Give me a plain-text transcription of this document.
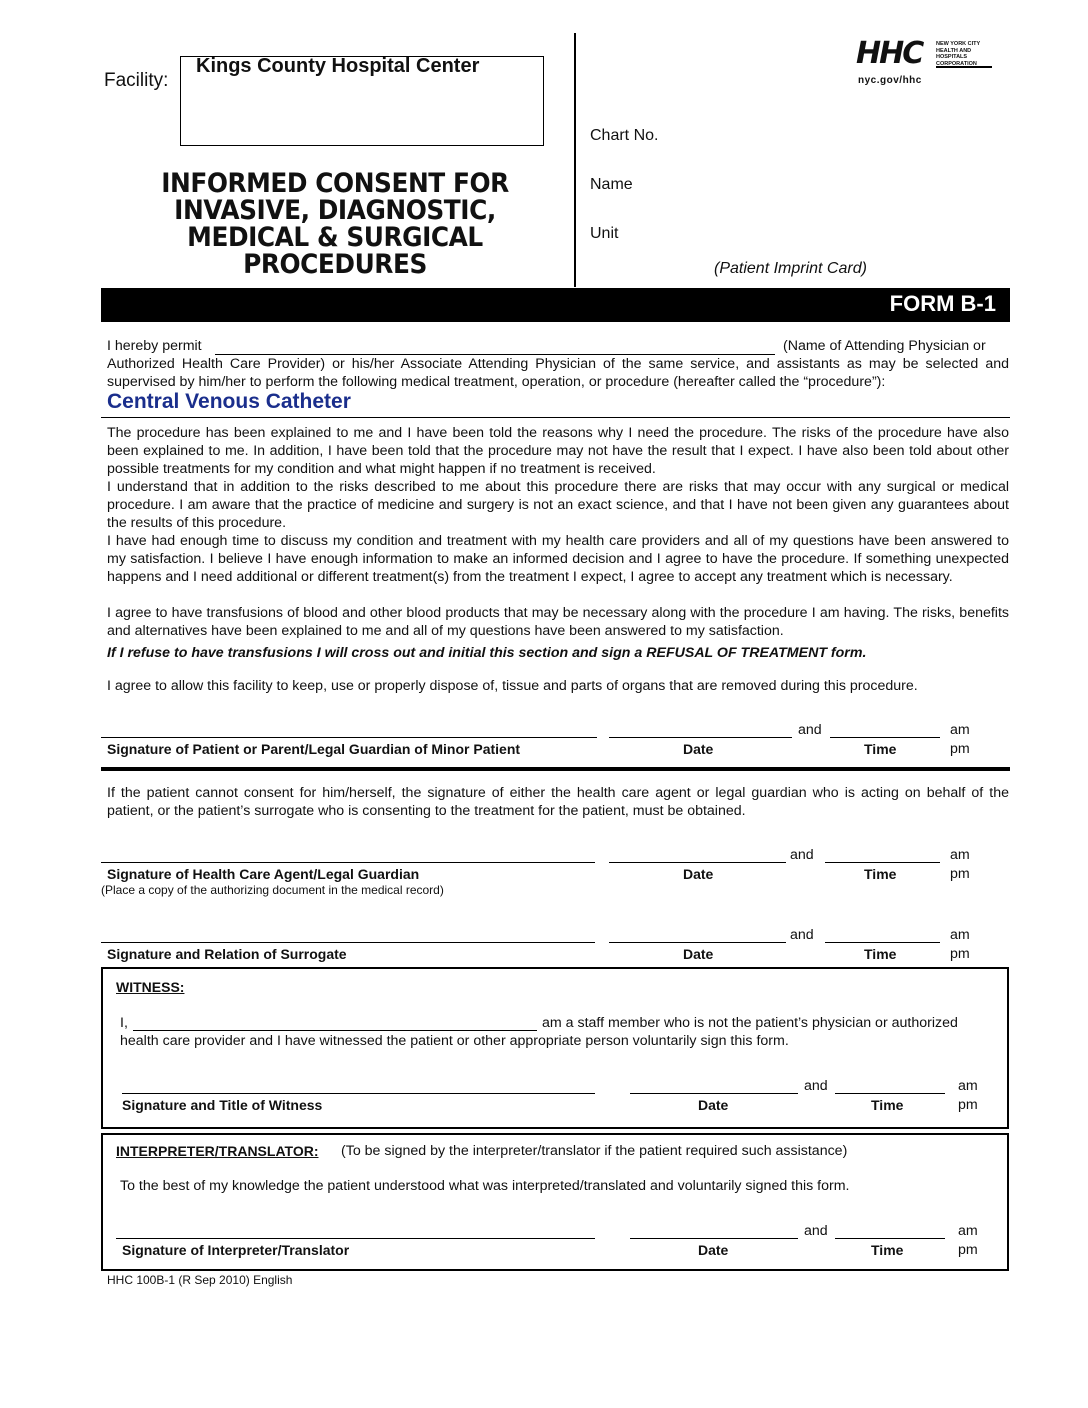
Facility:
Kings County Hospital Center
INFORMED CONSENT FOR
INVASIVE, DIAGNOSTIC,
MEDICAL & SURGICAL
PROCEDURES
Chart No.
Name
Unit
(Patient Imprint Card)
HHC	NEW YORK CITY HEALTH AND HOSPITALS CORPORATION
nyc.gov/hhc
FORM B-1
I hereby permit	(Name of Attending Physician or
Authorized Health Care Provider) or his/her Associate Attending Physician of the same service, and assistants as may be selected and supervised by him/her to perform the following medical treatment, operation, or procedure (hereafter called the “procedure”):
Central Venous Catheter
The procedure has been explained to me and I have been told the reasons why I need the procedure. The risks of the procedure have also been explained to me. In addition, I have been told that the procedure may not have the result that I expect. I have also been told about other possible treatments for my condition and what might happen if no treatment is received.
I understand that in addition to the risks described to me about this procedure there are risks that may occur with any surgical or medical procedure. I am aware that the practice of medicine and surgery is not an exact science, and that I have not been given any guarantees about the results of this procedure.
I have had enough time to discuss my condition and treatment with my health care providers and all of my questions have been answered to my satisfaction. I believe I have enough information to make an informed decision and I agree to have the procedure. If something unexpected happens and I need additional or different treatment(s) from the treatment I expect, I agree to accept any treatment which is necessary.
I agree to have transfusions of blood and other blood products that may be necessary along with the procedure I am having. The risks, benefits and alternatives have been explained to me and all of my questions have been answered to my satisfaction.
If I refuse to have transfusions I will cross out and initial this section and sign a REFUSAL OF TREATMENT form.
I agree to allow this facility to keep, use or properly dispose of, tissue and parts of organs that are removed during this procedure.
and	am
Signature of Patient or Parent/Legal Guardian of Minor Patient	Date	Time	pm
If the patient cannot consent for him/herself, the signature of either the health care agent or legal guardian who is acting on behalf of the patient, or the patient’s surrogate who is consenting to the treatment for the patient, must be obtained.
and	am
Signature of Health Care Agent/Legal Guardian
(Place a copy of the authorizing document in the medical record)
Date	Time	pm
and	am
Signature and Relation of Surrogate	Date	Time	pm
WITNESS:
I,	am a staff member who is not the patient’s physician or authorized
health care provider and I have witnessed the patient or other appropriate person voluntarily sign this form.
and	am
Signature and Title of Witness	Date	Time	pm
INTERPRETER/TRANSLATOR: (To be signed by the interpreter/translator if the patient required such assistance)
To the best of my knowledge the patient understood what was interpreted/translated and voluntarily signed this form.
and	am
Signature of Interpreter/Translator	Date	Time	pm
HHC 100B-1 (R Sep 2010) English
